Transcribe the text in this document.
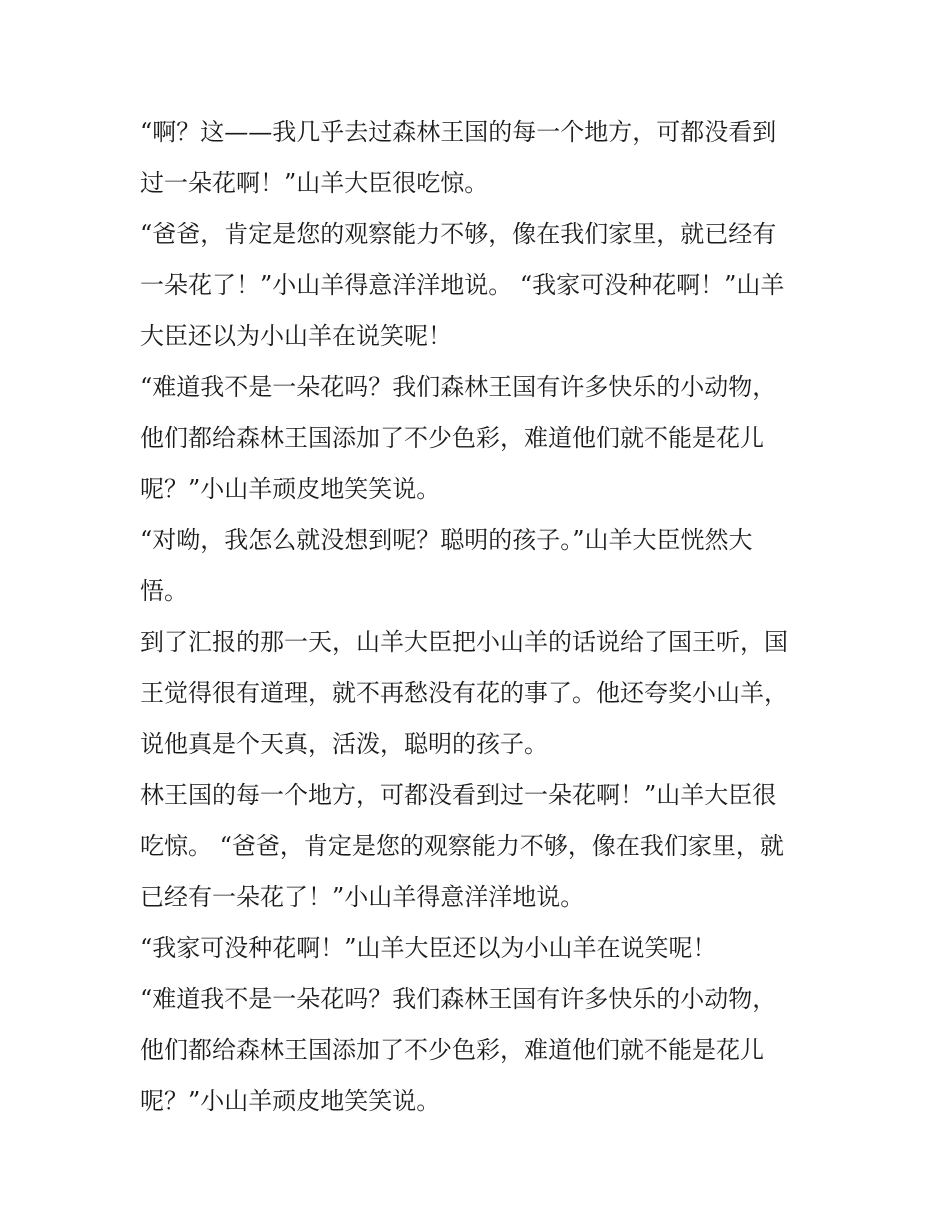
“啊？这——我几乎去过森林王国的每一个地方，可都没看到
过一朵花啊！”山羊大臣很吃惊。
“爸爸，肯定是您的观察能力不够，像在我们家里，就已经有
一朵花了！”小山羊得意洋洋地说。 “我家可没种花啊！”山羊
大臣还以为小山羊在说笑呢！
“难道我不是一朵花吗？我们森林王国有许多快乐的小动物，
他们都给森林王国添加了不少色彩，难道他们就不能是花儿
呢？”小山羊顽皮地笑笑说。
“对呦，我怎么就没想到呢？聪明的孩子。”山羊大臣恍然大
悟。
到了汇报的那一天，山羊大臣把小山羊的话说给了国王听，国
王觉得很有道理，就不再愁没有花的事了。他还夸奖小山羊，
说他真是个天真，活泼，聪明的孩子。
林王国的每一个地方，可都没看到过一朵花啊！”山羊大臣很
吃惊。 “爸爸，肯定是您的观察能力不够，像在我们家里，就
已经有一朵花了！”小山羊得意洋洋地说。
“我家可没种花啊！”山羊大臣还以为小山羊在说笑呢！
“难道我不是一朵花吗？我们森林王国有许多快乐的小动物，
他们都给森林王国添加了不少色彩，难道他们就不能是花儿
呢？”小山羊顽皮地笑笑说。
